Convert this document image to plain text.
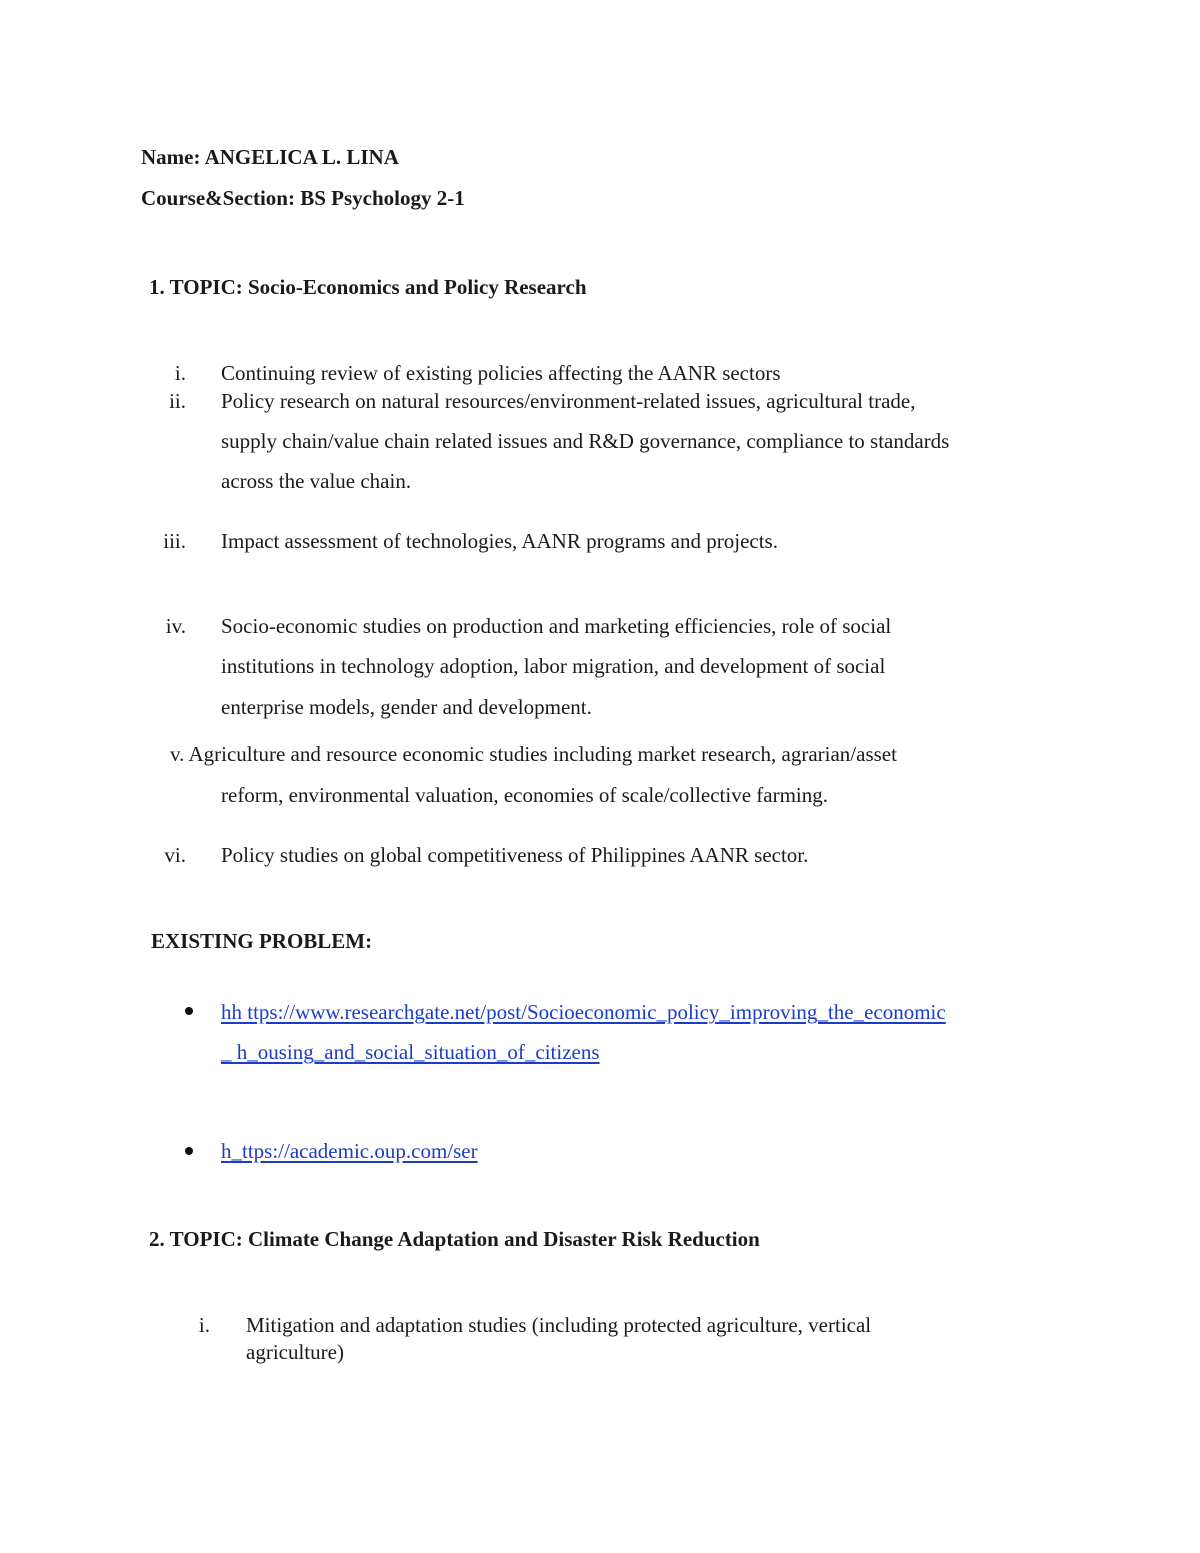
Name: ANGELICA L. LINA
Course&Section: BS Psychology 2-1
1. TOPIC: Socio-Economics and Policy Research
i. Continuing review of existing policies affecting the AANR sectors
ii. Policy research on natural resources/environment-related issues, agricultural trade,
supply chain/value chain related issues and R&D governance, compliance to standards
across the value chain.
iii. Impact assessment of technologies, AANR programs and projects.
iv. Socio-economic studies on production and marketing efficiencies, role of social
institutions in technology adoption, labor migration, and development of social
enterprise models, gender and development.
v. Agriculture and resource economic studies including market research, agrarian/asset
reform, environmental valuation, economies of scale/collective farming.
vi. Policy studies on global competitiveness of Philippines AANR sector.
EXISTING PROBLEM:
hh ttps://www.researchgate.net/post/Socioeconomic_policy_improving_the_economic
_ h_ousing_and_social_situation_of_citizens
h_ttps://academic.oup.com/ser
2. TOPIC: Climate Change Adaptation and Disaster Risk Reduction
i. Mitigation and adaptation studies (including protected agriculture, vertical
agriculture)
